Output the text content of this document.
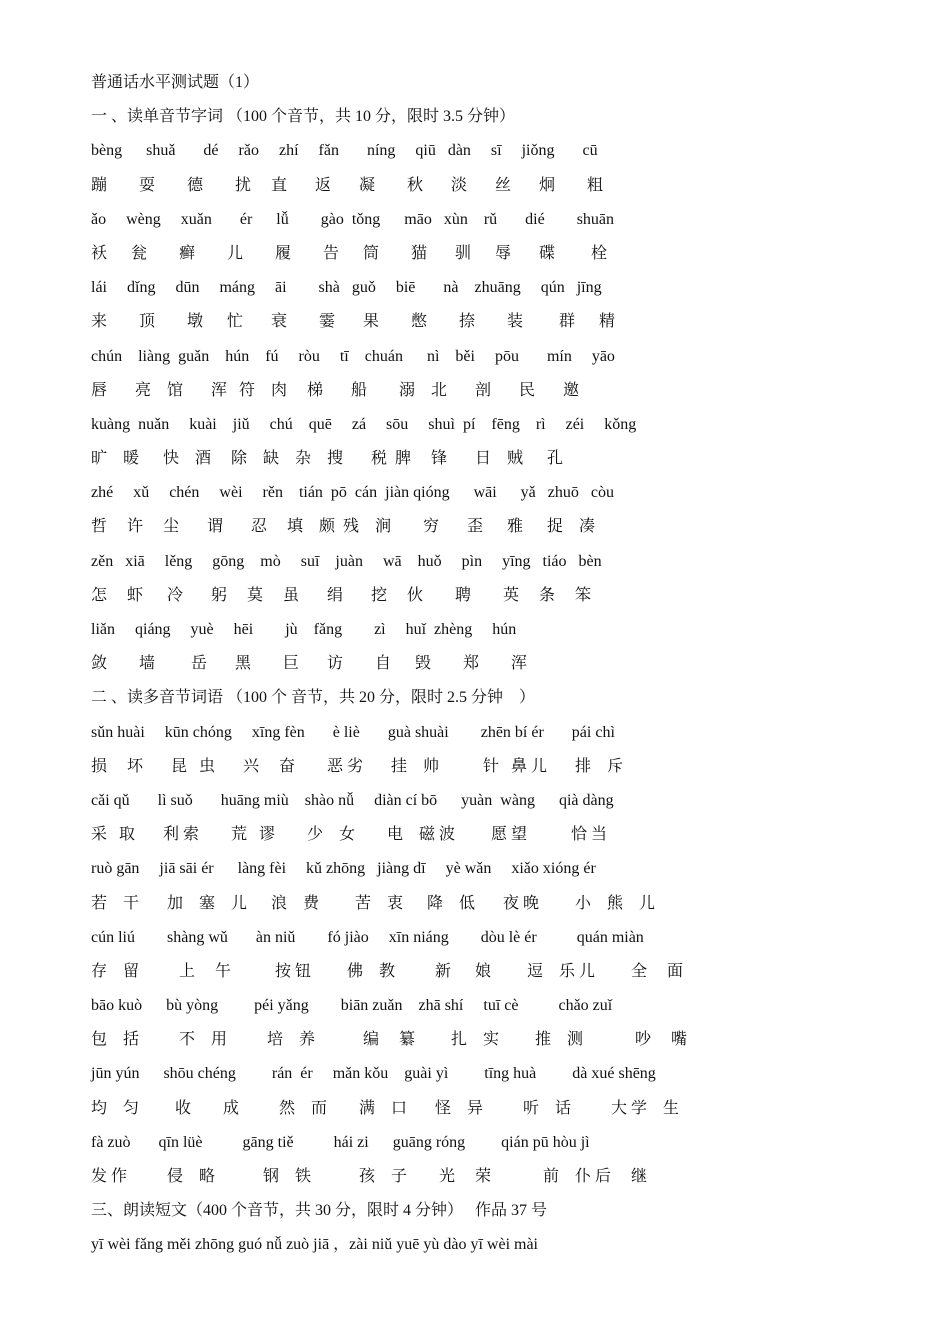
普通话水平测试题（1）
一 、读单音节字词 （100 个音节，共 10 分，限时 3.5 分钟）
bèng      shuǎ       dé     rǎo     zhí     fǎn       níng     qiū   dàn     sī     jiǒng       cū
蹦        耍        德        扰     直       返       凝        秋       淡       丝       炯        粗
ǎo     wèng     xuǎn       ér      lǚ        gào  tǒng      māo   xùn    rǔ       dié        shuān
袄      瓮        癣        儿        履        告      筒        猫       驯      辱       碟         栓
lái     dǐng     dūn     máng     āi        shà   guǒ     biē       nà    zhuāng     qún   jīng
来        顶        墩      忙       衰        霎       果        憋        捺        装         群      精
chún    liàng  guǎn    hún    fú     ròu     tī    chuán      nì    běi     pōu       mín     yāo
唇       亮    馆       浑   符    肉     梯       船        溺    北       剖       民       邀
kuàng  nuǎn     kuài    jiǔ     chú    quē     zá     sōu     shuì  pí    fēng    rì     zéi     kǒng
旷    暖      快    酒     除    缺    杂    搜       税  脾     锋       日    贼      孔
zhé     xǔ     chén     wèi     rěn    tián  pō  cán  jiàn qióng      wāi      yǎ   zhuō   còu
哲     许     尘       谓       忍     填    颇  残    涧        穷       歪      雅      捉    凑
zěn   xiā     lěng     gōng    mò     suī    juàn     wā    huǒ     pìn     yīng   tiáo   bèn
怎     虾      冷       躬     莫     虽       绢       挖     伙        聘        英     条     笨
liǎn     qiáng     yuè     hēi        jù    fǎng        zì     huǐ  zhèng     hún
敛        墙         岳       黑        巨       访        自      毁        郑        浑
二 、读多音节词语 （100 个 音节，共 20 分，限时 2.5 分钟    ）
sǔn huài     kūn chóng     xīng fèn       è liè       guà shuài        zhēn bí ér       pái chì
损     坏       昆   虫       兴     奋        恶 劣       挂    帅           针   鼻 儿       排    斥
cǎi qǔ       lì suǒ       huāng miù    shào nǚ     diàn cí bō      yuàn  wàng      qià dàng
采   取       利 索        荒   谬        少    女        电    磁 波         愿 望           恰 当
ruò gān     jiā sāi ér      làng fèi     kǔ zhōng   jiàng dī     yè wǎn     xiǎo xióng ér
若    干       加    塞    儿      浪    费         苦    衷      降    低       夜 晚         小    熊    儿
cún liú        shàng wǔ       àn niǔ        fó jiào     xīn niáng        dòu lè ér          quán miàn
存    留          上     午           按 钮         佛    教          新      娘         逗    乐 儿         全     面
bāo kuò      bù yòng         péi yǎng        biān zuǎn    zhā shí     tuī cè          chǎo zuǐ
包    括          不    用          培    养            编     纂         扎    实         推    测             吵     嘴
jūn yún      shōu chéng         rán  ér     mǎn kǒu    guài yì         tīng huà         dà xué shēng
均    匀         收        成          然    而        满    口       怪    异          听    话          大 学    生
fà zuò       qīn lüè          gāng tiě          hái zi      guāng róng         qián pū hòu jì
发 作          侵    略            钢    铁            孩    子        光     荣             前    仆 后     继
三、朗读短文（400 个音节，共 30 分，限时 4 分钟）   作品 37 号
yī wèi fǎng měi zhōng guó nǚ zuò jiā ，zài niǔ yuē yù dào yī wèi mài
